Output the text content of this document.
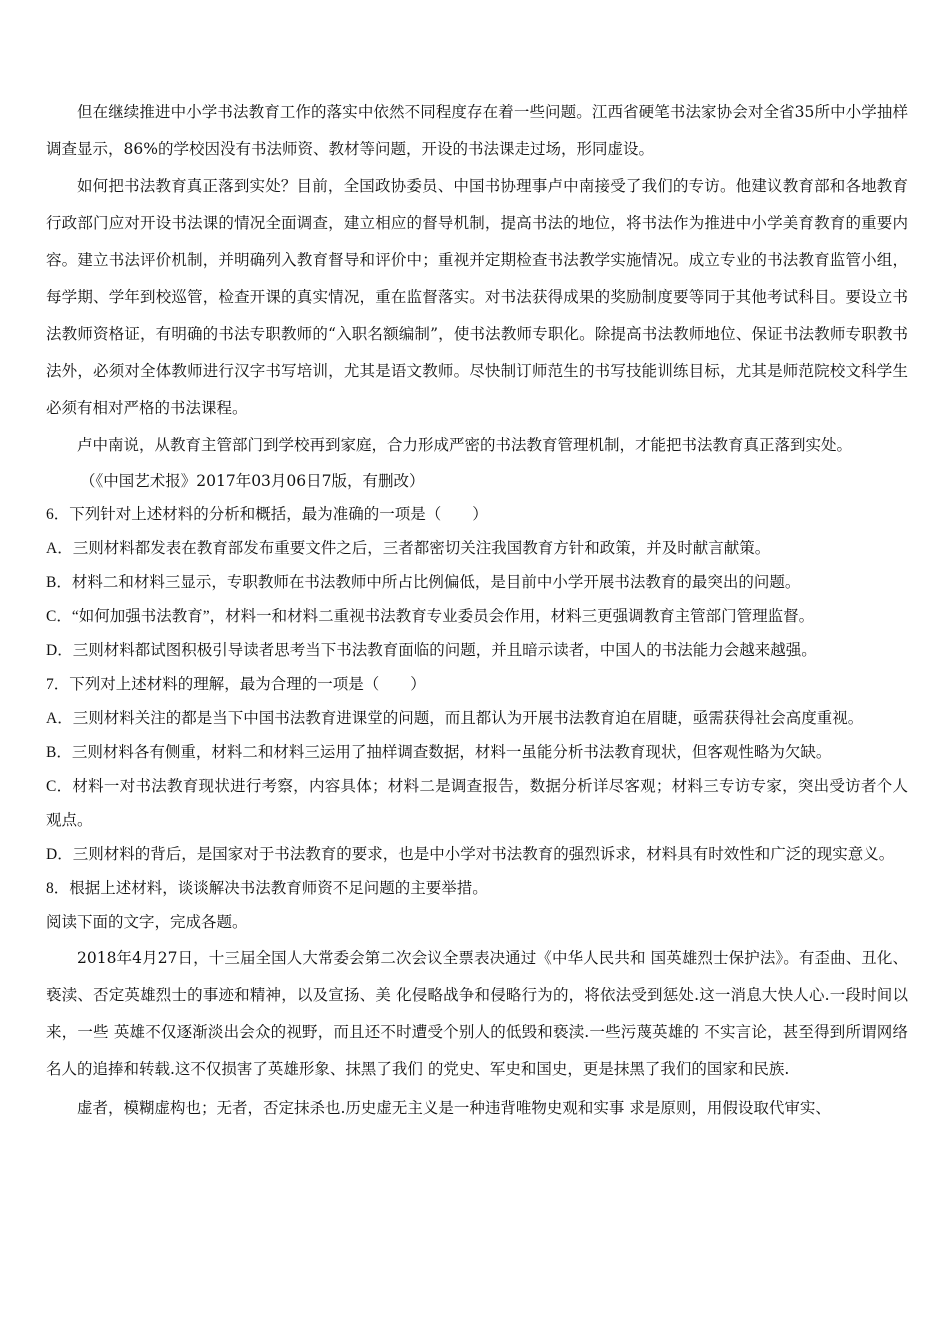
但在继续推进中小学书法教育工作的落实中依然不同程度存在着一些问题。江西省硬笔书法家协会对全省35所中小学抽样调查显示，86%的学校因没有书法师资、教材等问题，开设的书法课走过场，形同虚设。

如何把书法教育真正落到实处？目前，全国政协委员、中国书协理事卢中南接受了我们的专访。他建议教育部和各地教育行政部门应对开设书法课的情况全面调查，建立相应的督导机制，提高书法的地位，将书法作为推进中小学美育教育的重要内容。建立书法评价机制，并明确列入教育督导和评价中；重视并定期检查书法教学实施情况。成立专业的书法教育监管小组，每学期、学年到校巡管，检查开课的真实情况，重在监督落实。对书法获得成果的奖励制度要等同于其他考试科目。要设立书法教师资格证，有明确的书法专职教师的“入职名额编制”，使书法教师专职化。除提高书法教师地位、保证书法教师专职教书法外，必须对全体教师进行汉字书写培训，尤其是语文教师。尽快制订师范生的书写技能训练目标，尤其是师范院校文科学生必须有相对严格的书法课程。

卢中南说，从教育主管部门到学校再到家庭，合力形成严密的书法教育管理机制，才能把书法教育真正落到实处。

（《中国艺术报》2017年03月06日7版，有删改）

6．下列针对上述材料的分析和概括，最为准确的一项是（　　）

A．三则材料都发表在教育部发布重要文件之后，三者都密切关注我国教育方针和政策，并及时献言献策。

B．材料二和材料三显示，专职教师在书法教师中所占比例偏低，是目前中小学开展书法教育的最突出的问题。

C．“如何加强书法教育”，材料一和材料二重视书法教育专业委员会作用，材料三更强调教育主管部门管理监督。

D．三则材料都试图积极引导读者思考当下书法教育面临的问题，并且暗示读者，中国人的书法能力会越来越强。

7．下列对上述材料的理解，最为合理的一项是（　　）

A．三则材料关注的都是当下中国书法教育进课堂的问题，而且都认为开展书法教育迫在眉睫，亟需获得社会高度重视。

B．三则材料各有侧重，材料二和材料三运用了抽样调查数据，材料一虽能分析书法教育现状，但客观性略为欠缺。

C．材料一对书法教育现状进行考察，内容具体；材料二是调查报告，数据分析详尽客观；材料三专访专家，突出受访者个人观点。

D．三则材料的背后，是国家对于书法教育的要求，也是中小学对书法教育的强烈诉求，材料具有时效性和广泛的现实意义。

8．根据上述材料，谈谈解决书法教育师资不足问题的主要举措。

阅读下面的文字，完成各题。

2018年4月27日，十三届全国人大常委会第二次会议全票表决通过《中华人民共和 国英雄烈士保护法》。有歪曲、丑化、亵渎、否定英雄烈士的事迹和精神，以及宣扬、美 化侵略战争和侵略行为的，将依法受到惩处.这一消息大快人心.一段时间以来，一些 英雄不仅逐渐淡出会众的视野，而且还不时遭受个别人的低毁和亵渎.一些污蔑英雄的 不实言论，甚至得到所谓网络名人的追捧和转载.这不仅损害了英雄形象、抹黑了我们 的党史、军史和国史，更是抹黑了我们的国家和民族.

虚者，模糊虚构也；无者，否定抹杀也.历史虚无主义是一种违背唯物史观和实事 求是原则，用假设取代审实、
